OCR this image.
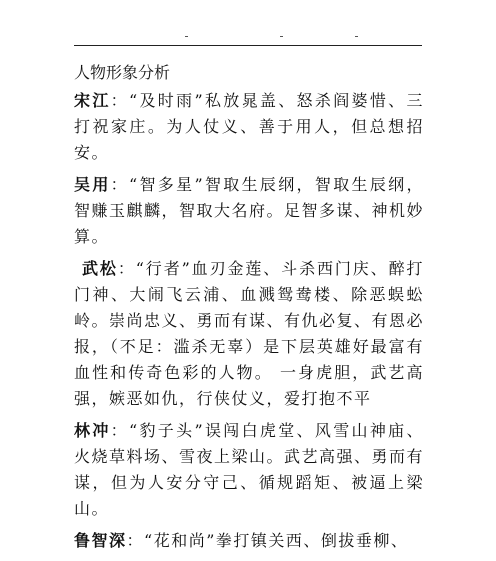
人物形象分析
宋江：“及时雨”私放晁盖、怒杀阎婆惜、三打祝家庄。为人仗义、善于用人，但总想招安。
吴用：“智多星”智取生辰纲，智取生辰纲，智赚玉麒麟，智取大名府。足智多谋、神机妙算。
武松：“行者”血刃金莲、斗杀西门庆、醉打门神、大闹飞云浦、血溅鸳鸯楼、除恶蜈蚣岭。崇尚忠义、勇而有谋、有仇必复、有恩必报，（不足：滥杀无辜）是下层英雄好最富有血性和传奇色彩的人物。 一身虎胆，武艺高强，嫉恶如仇，行侠仗义，爱打抱不平
林冲：“豹子头”误闯白虎堂、风雪山神庙、火烧草料场、雪夜上梁山。武艺高强、勇而有谋，但为人安分守己、循规蹈矩、被逼上梁山。
鲁智深：“花和尚”拳打镇关西、倒拔垂柳、
